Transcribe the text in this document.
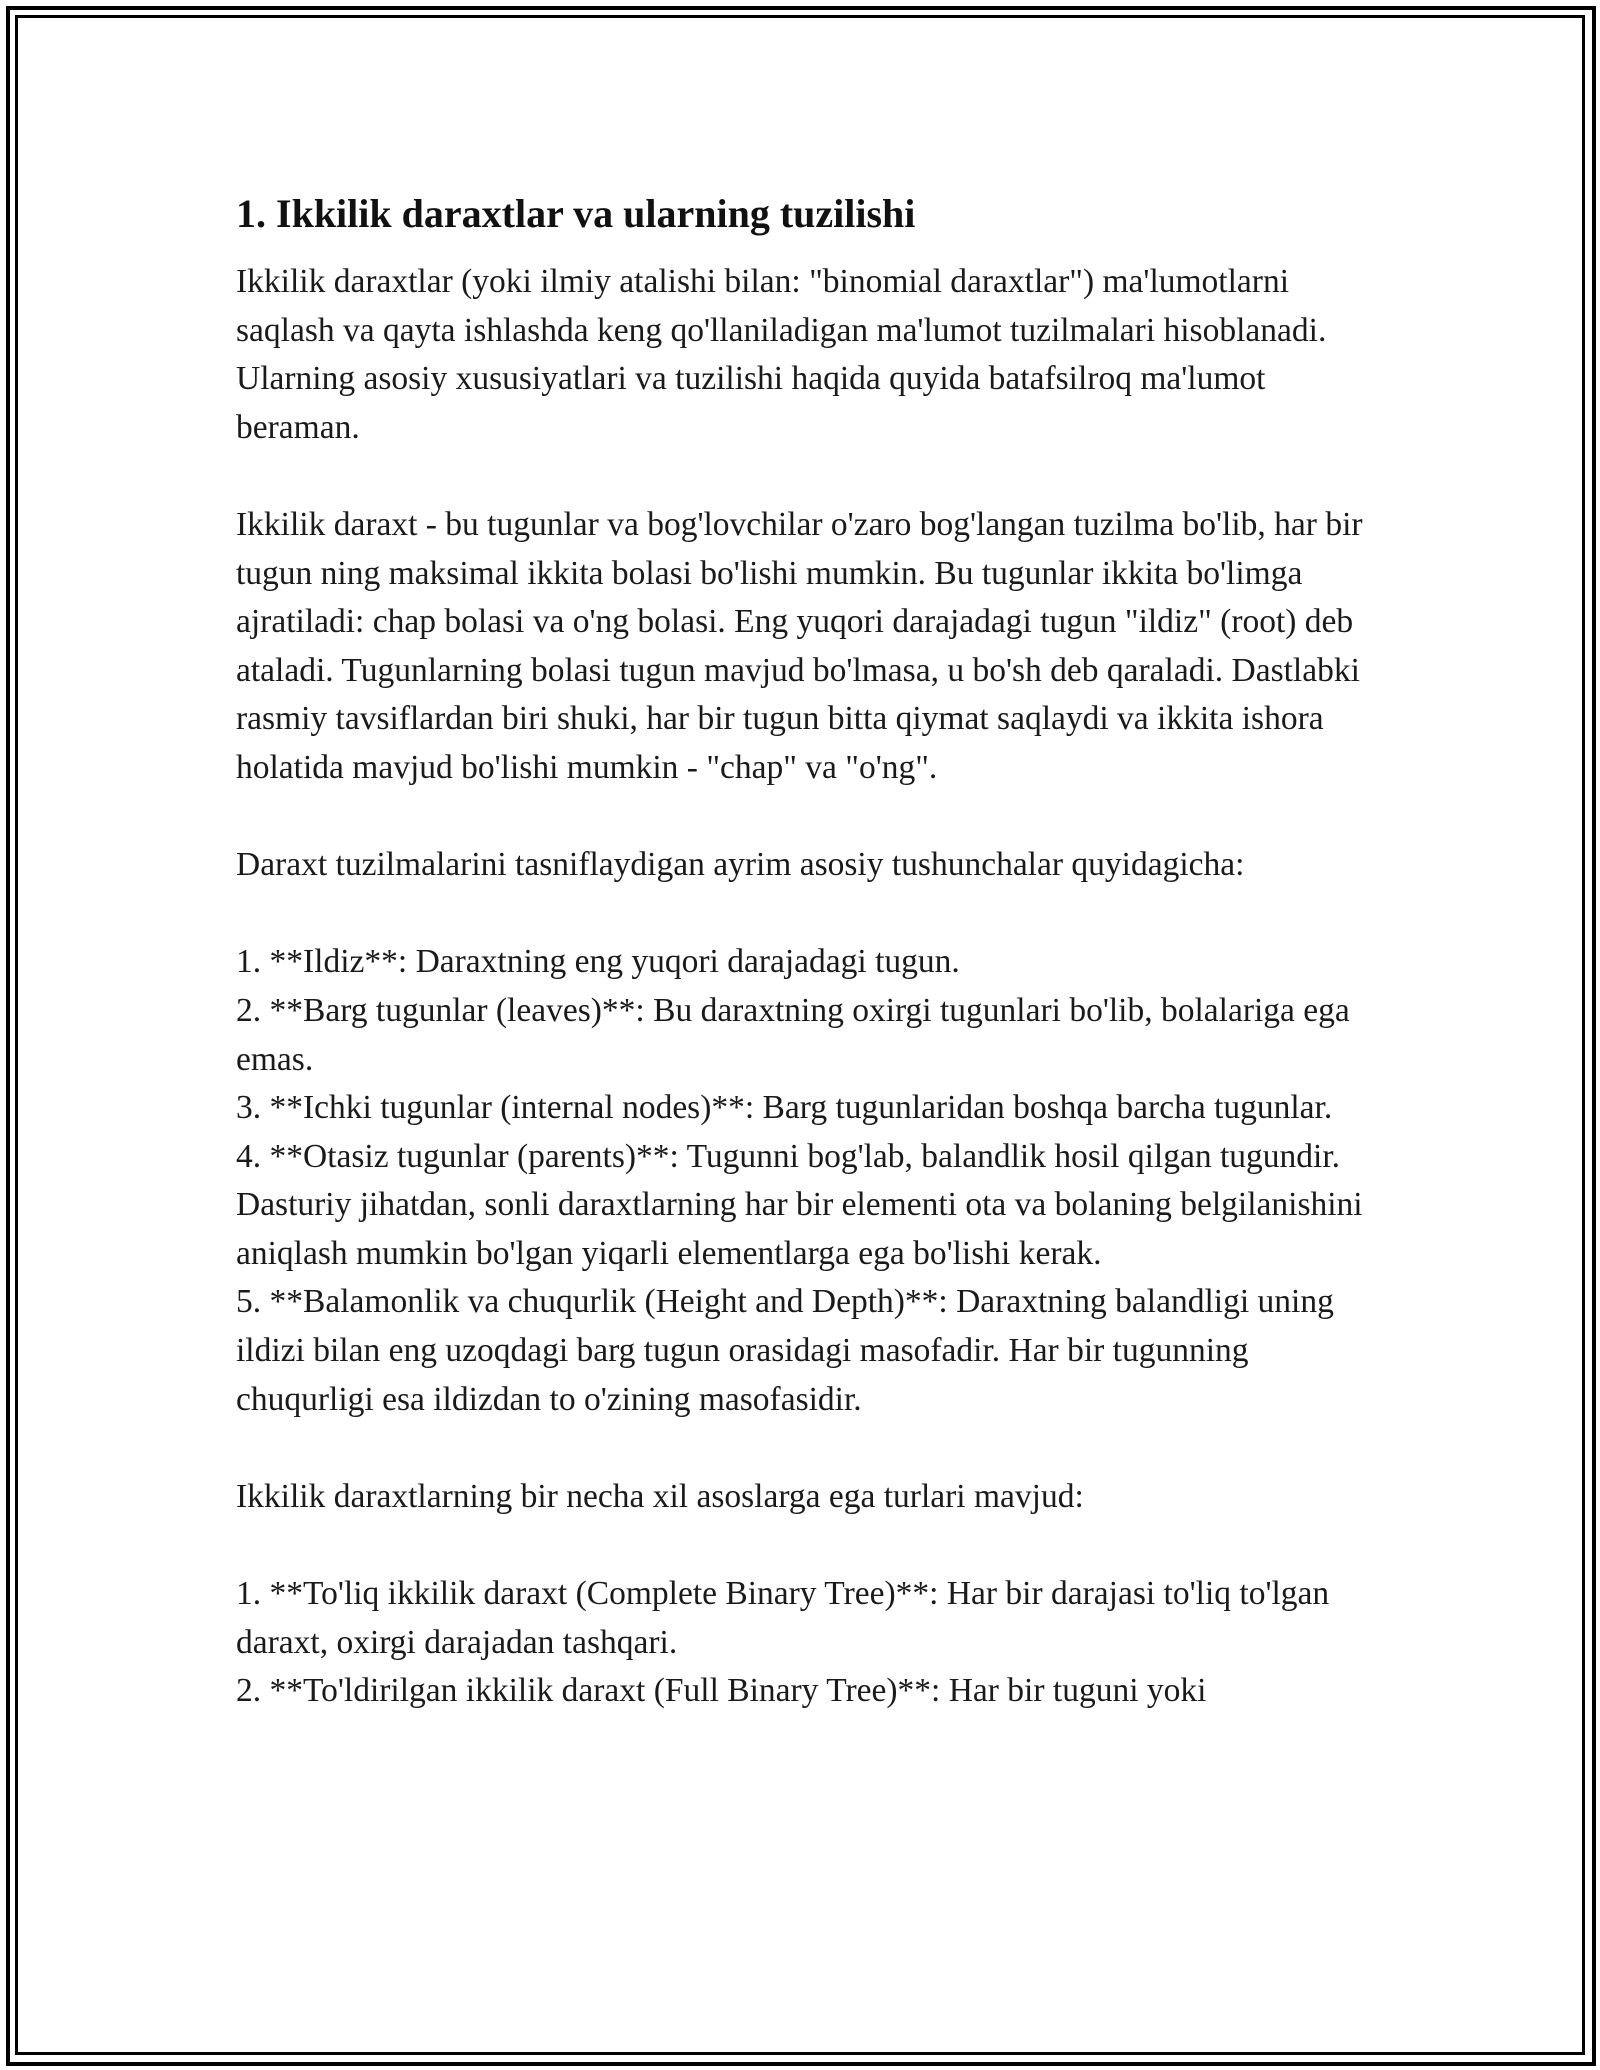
1. Ikkilik daraxtlar va ularning tuzilishi

Ikkilik daraxtlar (yoki ilmiy atalishi bilan: "binomial daraxtlar") ma'lumotlarni saqlash va qayta ishlashda keng qo'llaniladigan ma'lumot tuzilmalari hisoblanadi. Ularning asosiy xususiyatlari va tuzilishi haqida quyida batafsilroq ma'lumot beraman.

Ikkilik daraxt - bu tugunlar va bog'lovchilar o'zaro bog'langan tuzilma bo'lib, har bir tugun ning maksimal ikkita bolasi bo'lishi mumkin. Bu tugunlar ikkita bo'limga ajratiladi: chap bolasi va o'ng bolasi. Eng yuqori darajadagi tugun "ildiz" (root) deb ataladi. Tugunlarning bolasi tugun mavjud bo'lmasa, u bo'sh deb qaraladi. Dastlabki rasmiy tavsiflardan biri shuki, har bir tugun bitta qiymat saqlaydi va ikkita ishora holatida mavjud bo'lishi mumkin - "chap" va "o'ng".

Daraxt tuzilmalarini tasniflaydigan ayrim asosiy tushunchalar quyidagicha:

1. **Ildiz**: Daraxtning eng yuqori darajadagi tugun.

2. **Barg tugunlar (leaves)**: Bu daraxtning oxirgi tugunlari bo'lib, bolalariga ega emas.

3. **Ichki tugunlar (internal nodes)**: Barg tugunlaridan boshqa barcha tugunlar.

4. **Otasiz tugunlar (parents)**: Tugunni bog'lab, balandlik hosil qilgan tugundir. Dasturiy jihatdan, sonli daraxtlarning har bir elementi ota va bolaning belgilanishini aniqlash mumkin bo'lgan yiqarli elementlarga ega bo'lishi kerak.

5. **Balamonlik va chuqurlik (Height and Depth)**: Daraxtning balandligi uning ildizi bilan eng uzoqdagi barg tugun orasidagi masofadir. Har bir tugunning chuqurligi esa ildizdan to o'zining masofasidir.

Ikkilik daraxtlarning bir necha xil asoslarga ega turlari mavjud:

1. **To'liq ikkilik daraxt (Complete Binary Tree)**: Har bir darajasi to'liq to'lgan daraxt, oxirgi darajadan tashqari.

2. **To'ldirilgan ikkilik daraxt (Full Binary Tree)**: Har bir tuguni yoki
